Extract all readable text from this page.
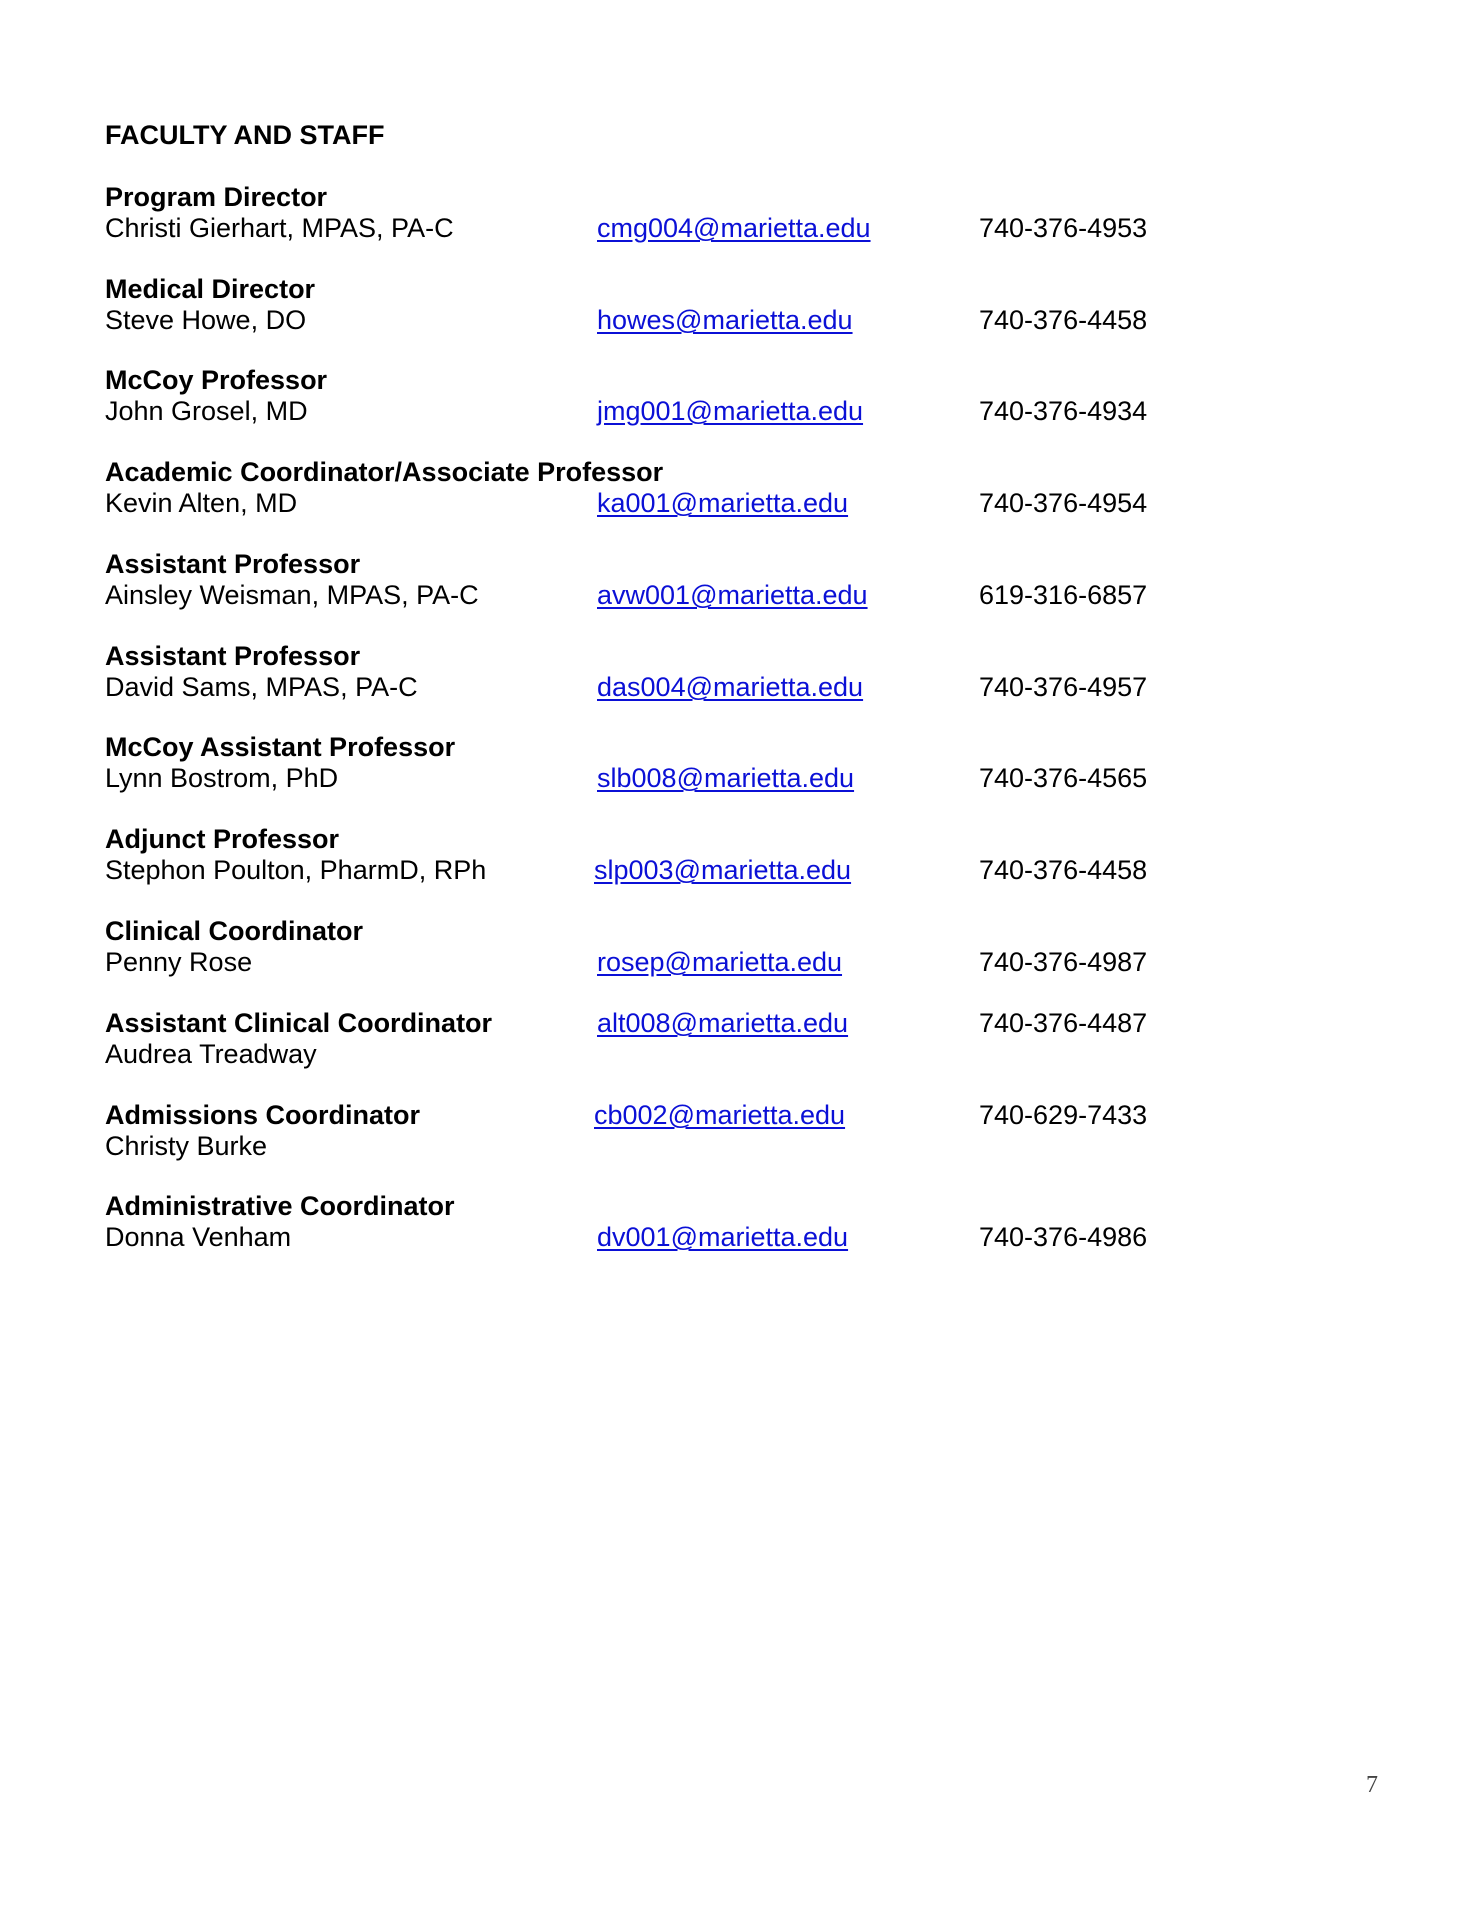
FACULTY AND STAFF
Program Director
Christi Gierhart, MPAS, PA-C	cmg004@marietta.edu	740-376-4953
Medical Director
Steve Howe, DO	howes@marietta.edu	740-376-4458
McCoy Professor
John Grosel, MD	jmg001@marietta.edu	740-376-4934
Academic Coordinator/Associate Professor
Kevin Alten, MD	ka001@marietta.edu	740-376-4954
Assistant Professor
Ainsley Weisman, MPAS, PA-C	avw001@marietta.edu	619-316-6857
Assistant Professor
David Sams, MPAS, PA-C	das004@marietta.edu	740-376-4957
McCoy Assistant Professor
Lynn Bostrom, PhD	slb008@marietta.edu	740-376-4565
Adjunct Professor
Stephon Poulton, PharmD, RPh	slp003@marietta.edu	740-376-4458
Clinical Coordinator
Penny Rose	rosep@marietta.edu	740-376-4987
Assistant Clinical Coordinator
Audrea Treadway
alt008@marietta.edu	740-376-4487
Admissions Coordinator
Christy Burke
cb002@marietta.edu	740-629-7433
Administrative Coordinator
Donna Venham	dv001@marietta.edu	740-376-4986
7
